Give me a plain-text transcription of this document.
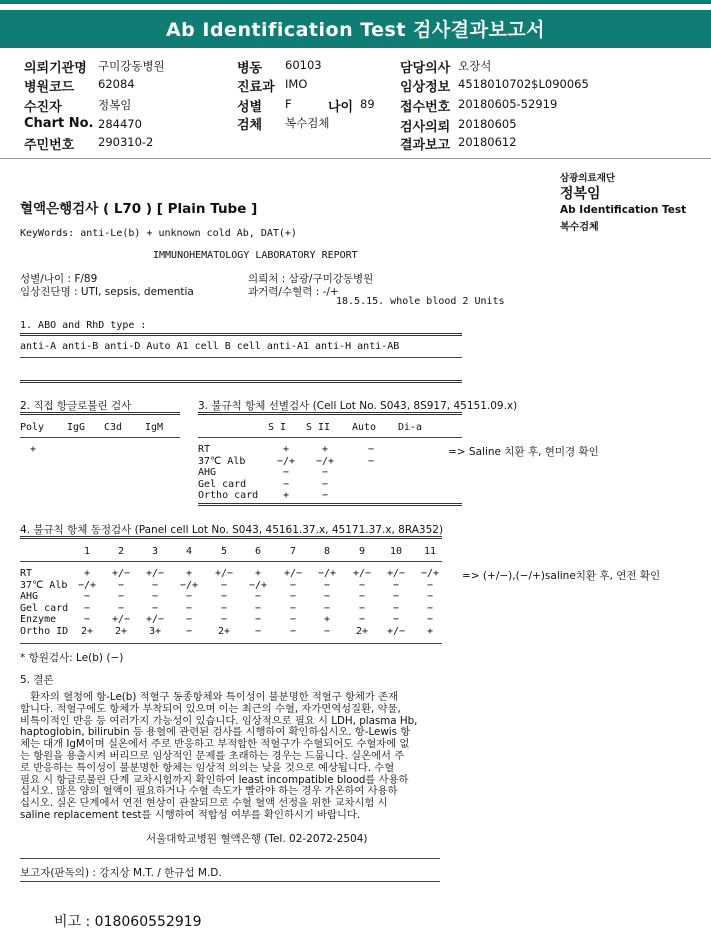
Ab Identification Test 검사결과보고서
의뢰기관명 구미강동병원
병원코드 62084
수진자	정복임
Chart No. 284470
주민번호 290310-2
병동 60103
진료과 IMO
성별 F
검체 복수검체
나이 89
담당의사 오장석
임상정보 4518010702$L090065
접수번호 20180605-52919
검사의뢰 20180605
결과보고 20180612
삼광의료재단
정복임
Ab Identification Test
복수검체
혈액은행검사 ( L70 ) [ Plain Tube ]
KeyWords: anti-Le(b) + unknown cold Ab, DAT(+)
IMMUNOHEMATOLOGY LABORATORY REPORT
성별/나이 : F/89	의뢰처 : 삼광/구미강동병원
임상진단명 : UTI, sepsis, dementia	과거력/수혈력 : -/+
18.5.15. whole blood 2 Units
1. ABO and RhD type :
anti-A anti-B anti-D Auto A1 cell B cell anti-A1 anti-H anti-AB
2. 직접 항글로불린 검사
Poly IgG C3d IgM
+
3. 불규칙 항체 선별검사 (Cell Lot No. S043, 8S917, 45151.09.x)
S I S II Auto Di-a
RT	+	+	−
37℃ Alb	−/+	−/+	−
AHG	−	−
Gel card	−	−
Ortho card	+	−
=> Saline 치환 후, 현미경 확인
4. 불규칙 항체 동정검사 (Panel cell Lot No. S043, 45161.37.x, 45171.37.x, 8RA352)
1	2	3	4	5	6	7	8	9	10	11
RT	+	+/−	+/−	+	+/−	+	+/−	−/+	+/−	+/−	−/+
37℃ Alb	−/+	−	−	−/+	−	−/+	−	−	−	−	−
AHG	−	−	−	−	−	−	−	−	−	−	−
Gel card	−	−	−	−	−	−	−	−	−	−	−
Enzyme	−	+/−	+/−	−	−	−	−	+	−	−	−
Ortho ID	2+	2+	3+	−	2+	−	−	−	2+	+/−	+
=> (+/−),(−/+)saline치환 후, 연전 확인
* 항원검사: Le(b) (−)
5. 결론
환자의 혈청에 항-Le(b) 적혈구 동종항체와 특이성이 불분명한 적혈구 항체가 존재
합니다. 적혈구에도 항체가 부착되어 있으며 이는 최근의 수혈, 자가면역성질환, 약물,
비특이적인 반응 등 여러가지 가능성이 있습니다. 임상적으로 필요 시 LDH, plasma Hb,
haptoglobin, bilirubin 등 용혈에 관련된 검사를 시행하여 확인하십시오. 항-Lewis 항
체는 대개 IgM이며 실온에서 주로 반응하고 부적합한 적혈구가 수혈되어도 수혈자에 없
는 항원을 용출시켜 버리므로 임상적인 문제를 초래하는 경우는 드뭅니다. 실온에서 주
로 반응하는 특이성이 불분명한 항체는 임상적 의의는 낮을 것으로 예상됩니다. 수혈
필요 시 항글로불린 단계 교차시험까지 확인하여 least incompatible blood를 사용하
십시오. 많은 양의 혈액이 필요하거나 수혈 속도가 빨라야 하는 경우 가온하여 사용하
십시오. 실온 단계에서 연전 현상이 관찰되므로 수혈 혈액 선정을 위한 교차시험 시
saline replacement test를 시행하여 적합성 여부를 확인하시기 바랍니다.
서울대학교병원 혈액은행 (Tel. 02-2072-2504)
보고자(판독의) : 강지상 M.T. / 한규섭 M.D.
비고 : 018060552919
